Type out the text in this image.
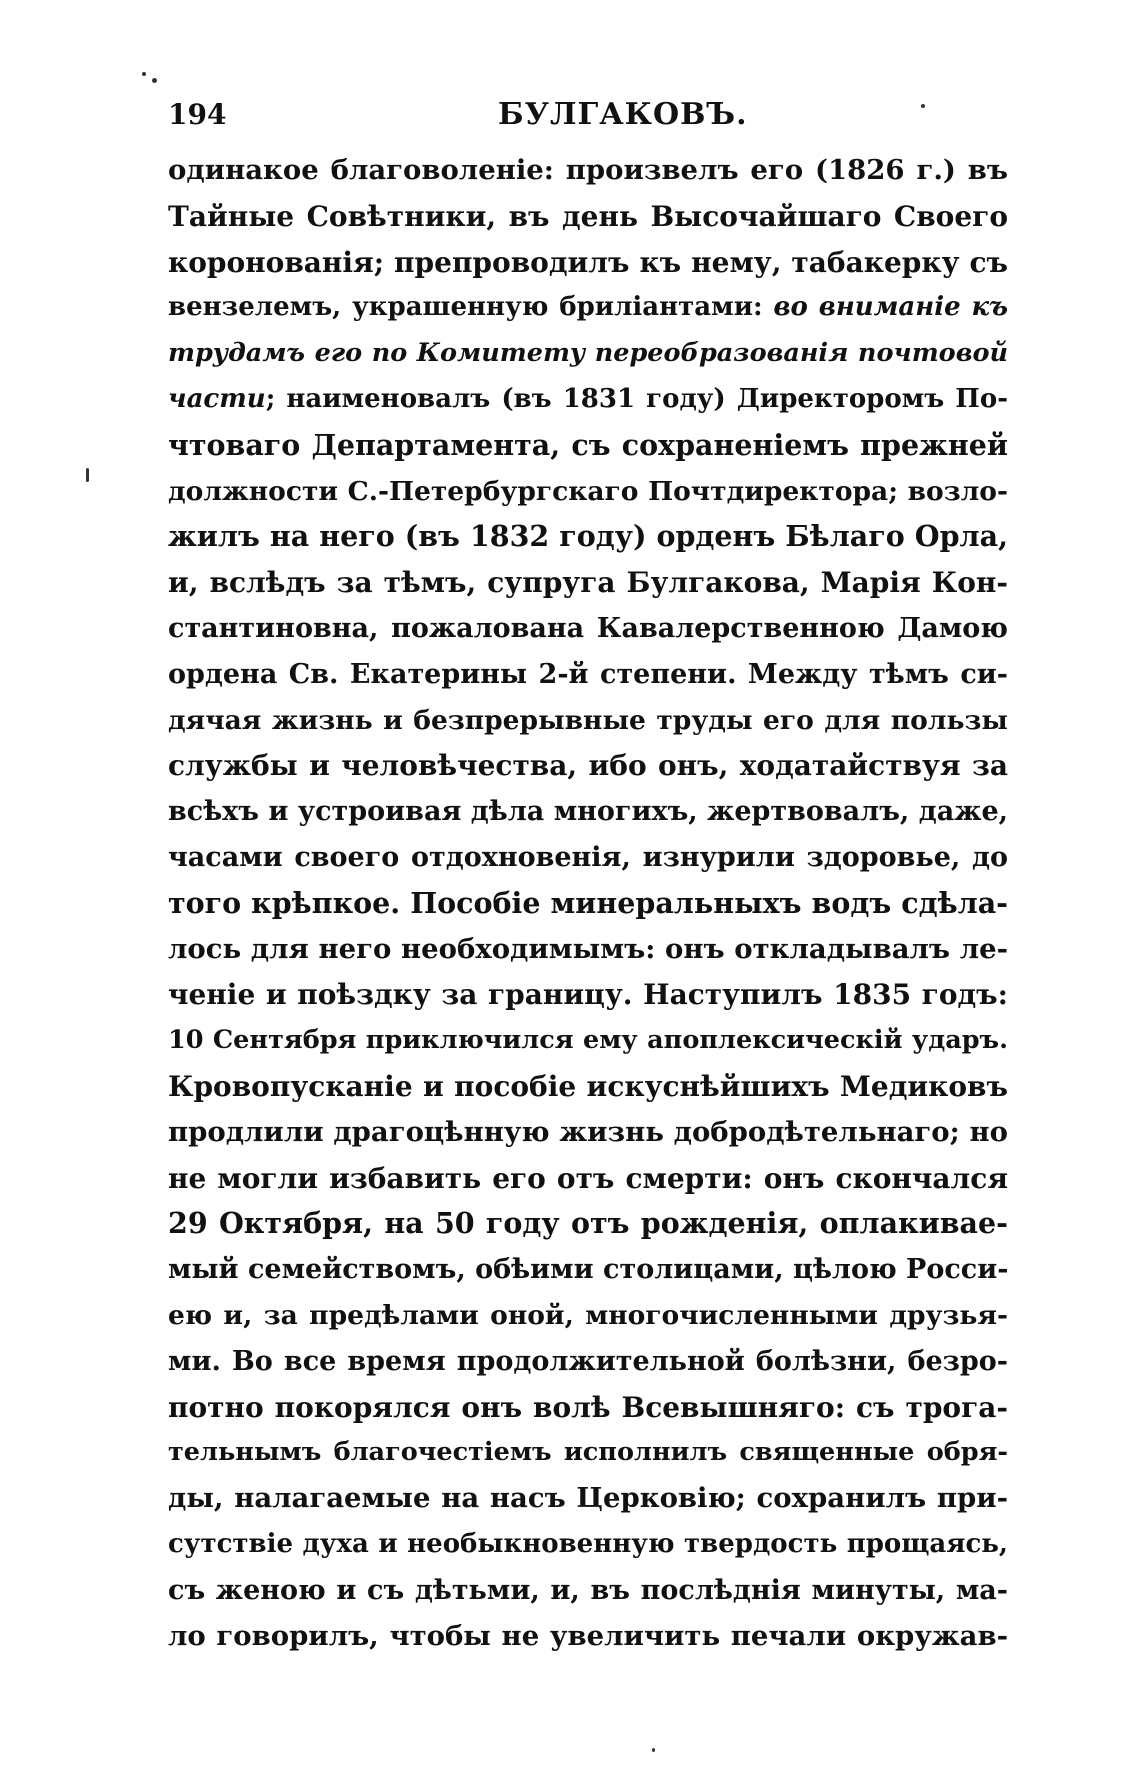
194	БУЛГАКОВЪ.
одинакое благоволеніе: произвелъ его (1826 г.) въ
Тайные Совѣтники, въ день Высочайшаго Своего
коронованія; препроводилъ къ нему, табакерку съ
вензелемъ, украшенную бриліантами: во вниманіе къ
трудамъ его по Комитету переобразованія почтовой
части; наименовалъ (въ 1831 году) Директоромъ По-
чтоваго Департамента, съ сохраненіемъ прежней
должности С.-Петербургскаго Почтдиректора; возло-
жилъ на него (въ 1832 году) орденъ Бѣлаго Орла,
и, вслѣдъ за тѣмъ, супруга Булгакова, Марія Кон-
стантиновна, пожалована Кавалерственною Дамою
ордена Св. Екатерины 2-й степени. Между тѣмъ си-
дячая жизнь и безпрерывные труды его для пользы
службы и человѣчества, ибо онъ, ходатайствуя за
всѣхъ и устроивая дѣла многихъ, жертвовалъ, даже,
часами своего отдохновенія, изнурили здоровье, до
того крѣпкое. Пособіе минеральныхъ водъ сдѣла-
лось для него необходимымъ: онъ откладывалъ ле-
ченіе и поѣздку за границу. Наступилъ 1835 годъ:
10 Сентября приключился ему апоплексическій ударъ.
Кровопусканіе и пособіе искуснѣйшихъ Медиковъ
продлили драгоцѣнную жизнь добродѣтельнаго; но
не могли избавить его отъ смерти: онъ скончался
29 Октября, на 50 году отъ рожденія, оплакивае-
мый семействомъ, обѣими столицами, цѣлою Росси-
ею и, за предѣлами оной, многочисленными друзья-
ми. Во все время продолжительной болѣзни, безро-
потно покорялся онъ волѣ Всевышняго: съ трога-
тельнымъ благочестіемъ исполнилъ священные обря-
ды, налагаемые на насъ Церковію; сохранилъ при-
сутствіе духа и необыкновенную твердость прощаясь,
съ женою и съ дѣтьми, и, въ послѣднія минуты, ма-
ло говорилъ, чтобы не увеличить печали окружав-
